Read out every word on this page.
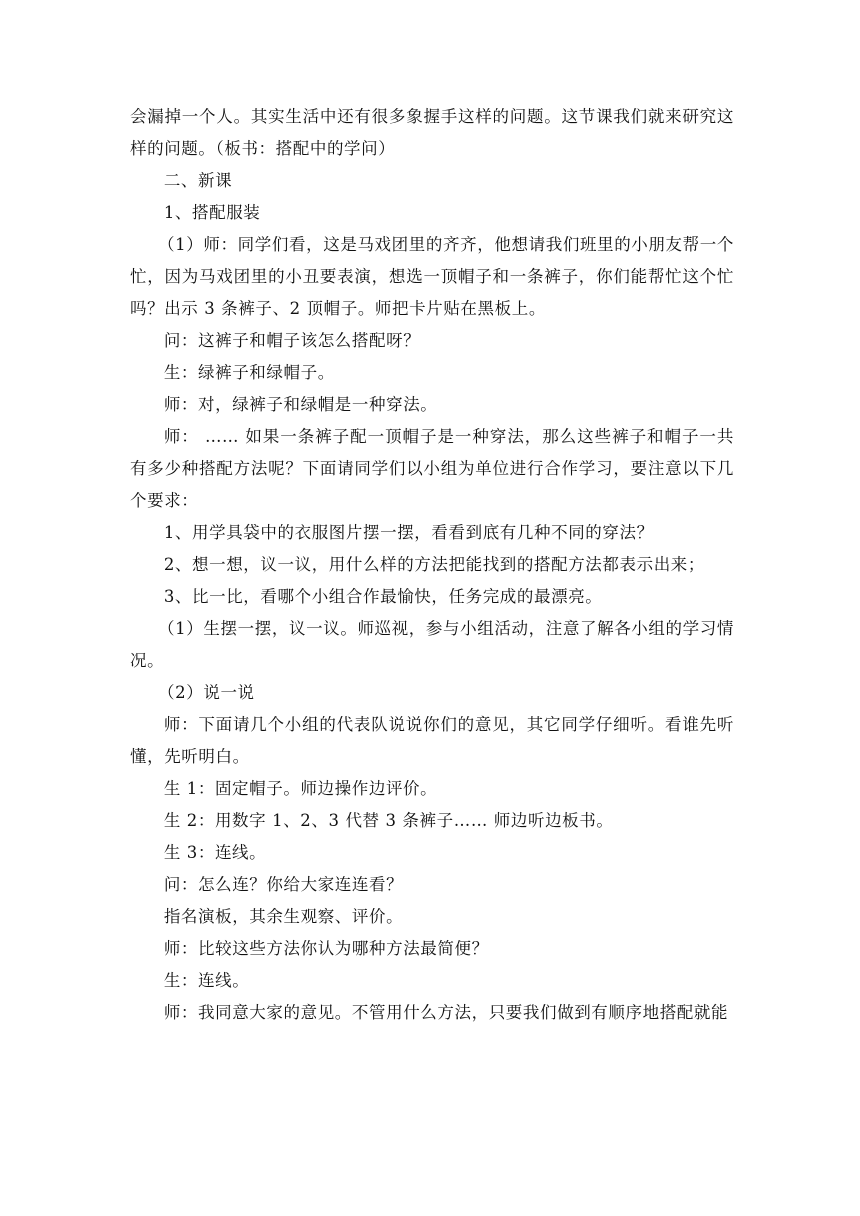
会漏掉一个人。其实生活中还有很多象握手这样的问题。这节课我们就来研究这样的问题。（板书：搭配中的学问）

二、新课

1、搭配服装

（1）师：同学们看，这是马戏团里的齐齐，他想请我们班里的小朋友帮一个忙，因为马戏团里的小丑要表演，想选一顶帽子和一条裤子，你们能帮忙这个忙吗？出示 3 条裤子、2 顶帽子。师把卡片贴在黑板上。

问：这裤子和帽子该怎么搭配呀？

生：绿裤子和绿帽子。

师：对，绿裤子和绿帽是一种穿法。

师： …… 如果一条裤子配一顶帽子是一种穿法，那么这些裤子和帽子一共有多少种搭配方法呢？下面请同学们以小组为单位进行合作学习，要注意以下几个要求：

1、用学具袋中的衣服图片摆一摆，看看到底有几种不同的穿法？

2、想一想，议一议，用什么样的方法把能找到的搭配方法都表示出来；

3、比一比，看哪个小组合作最愉快，任务完成的最漂亮。

（1）生摆一摆，议一议。师巡视，参与小组活动，注意了解各小组的学习情况。

（2）说一说

师：下面请几个小组的代表队说说你们的意见，其它同学仔细听。看谁先听懂，先听明白。

生 1：固定帽子。师边操作边评价。

生 2：用数字 1、2、3 代替 3 条裤子…… 师边听边板书。

生 3：连线。

问：怎么连？你给大家连连看？

指名演板，其余生观察、评价。

师：比较这些方法你认为哪种方法最简便？

生：连线。

师：我同意大家的意见。不管用什么方法，只要我们做到有顺序地搭配就能
